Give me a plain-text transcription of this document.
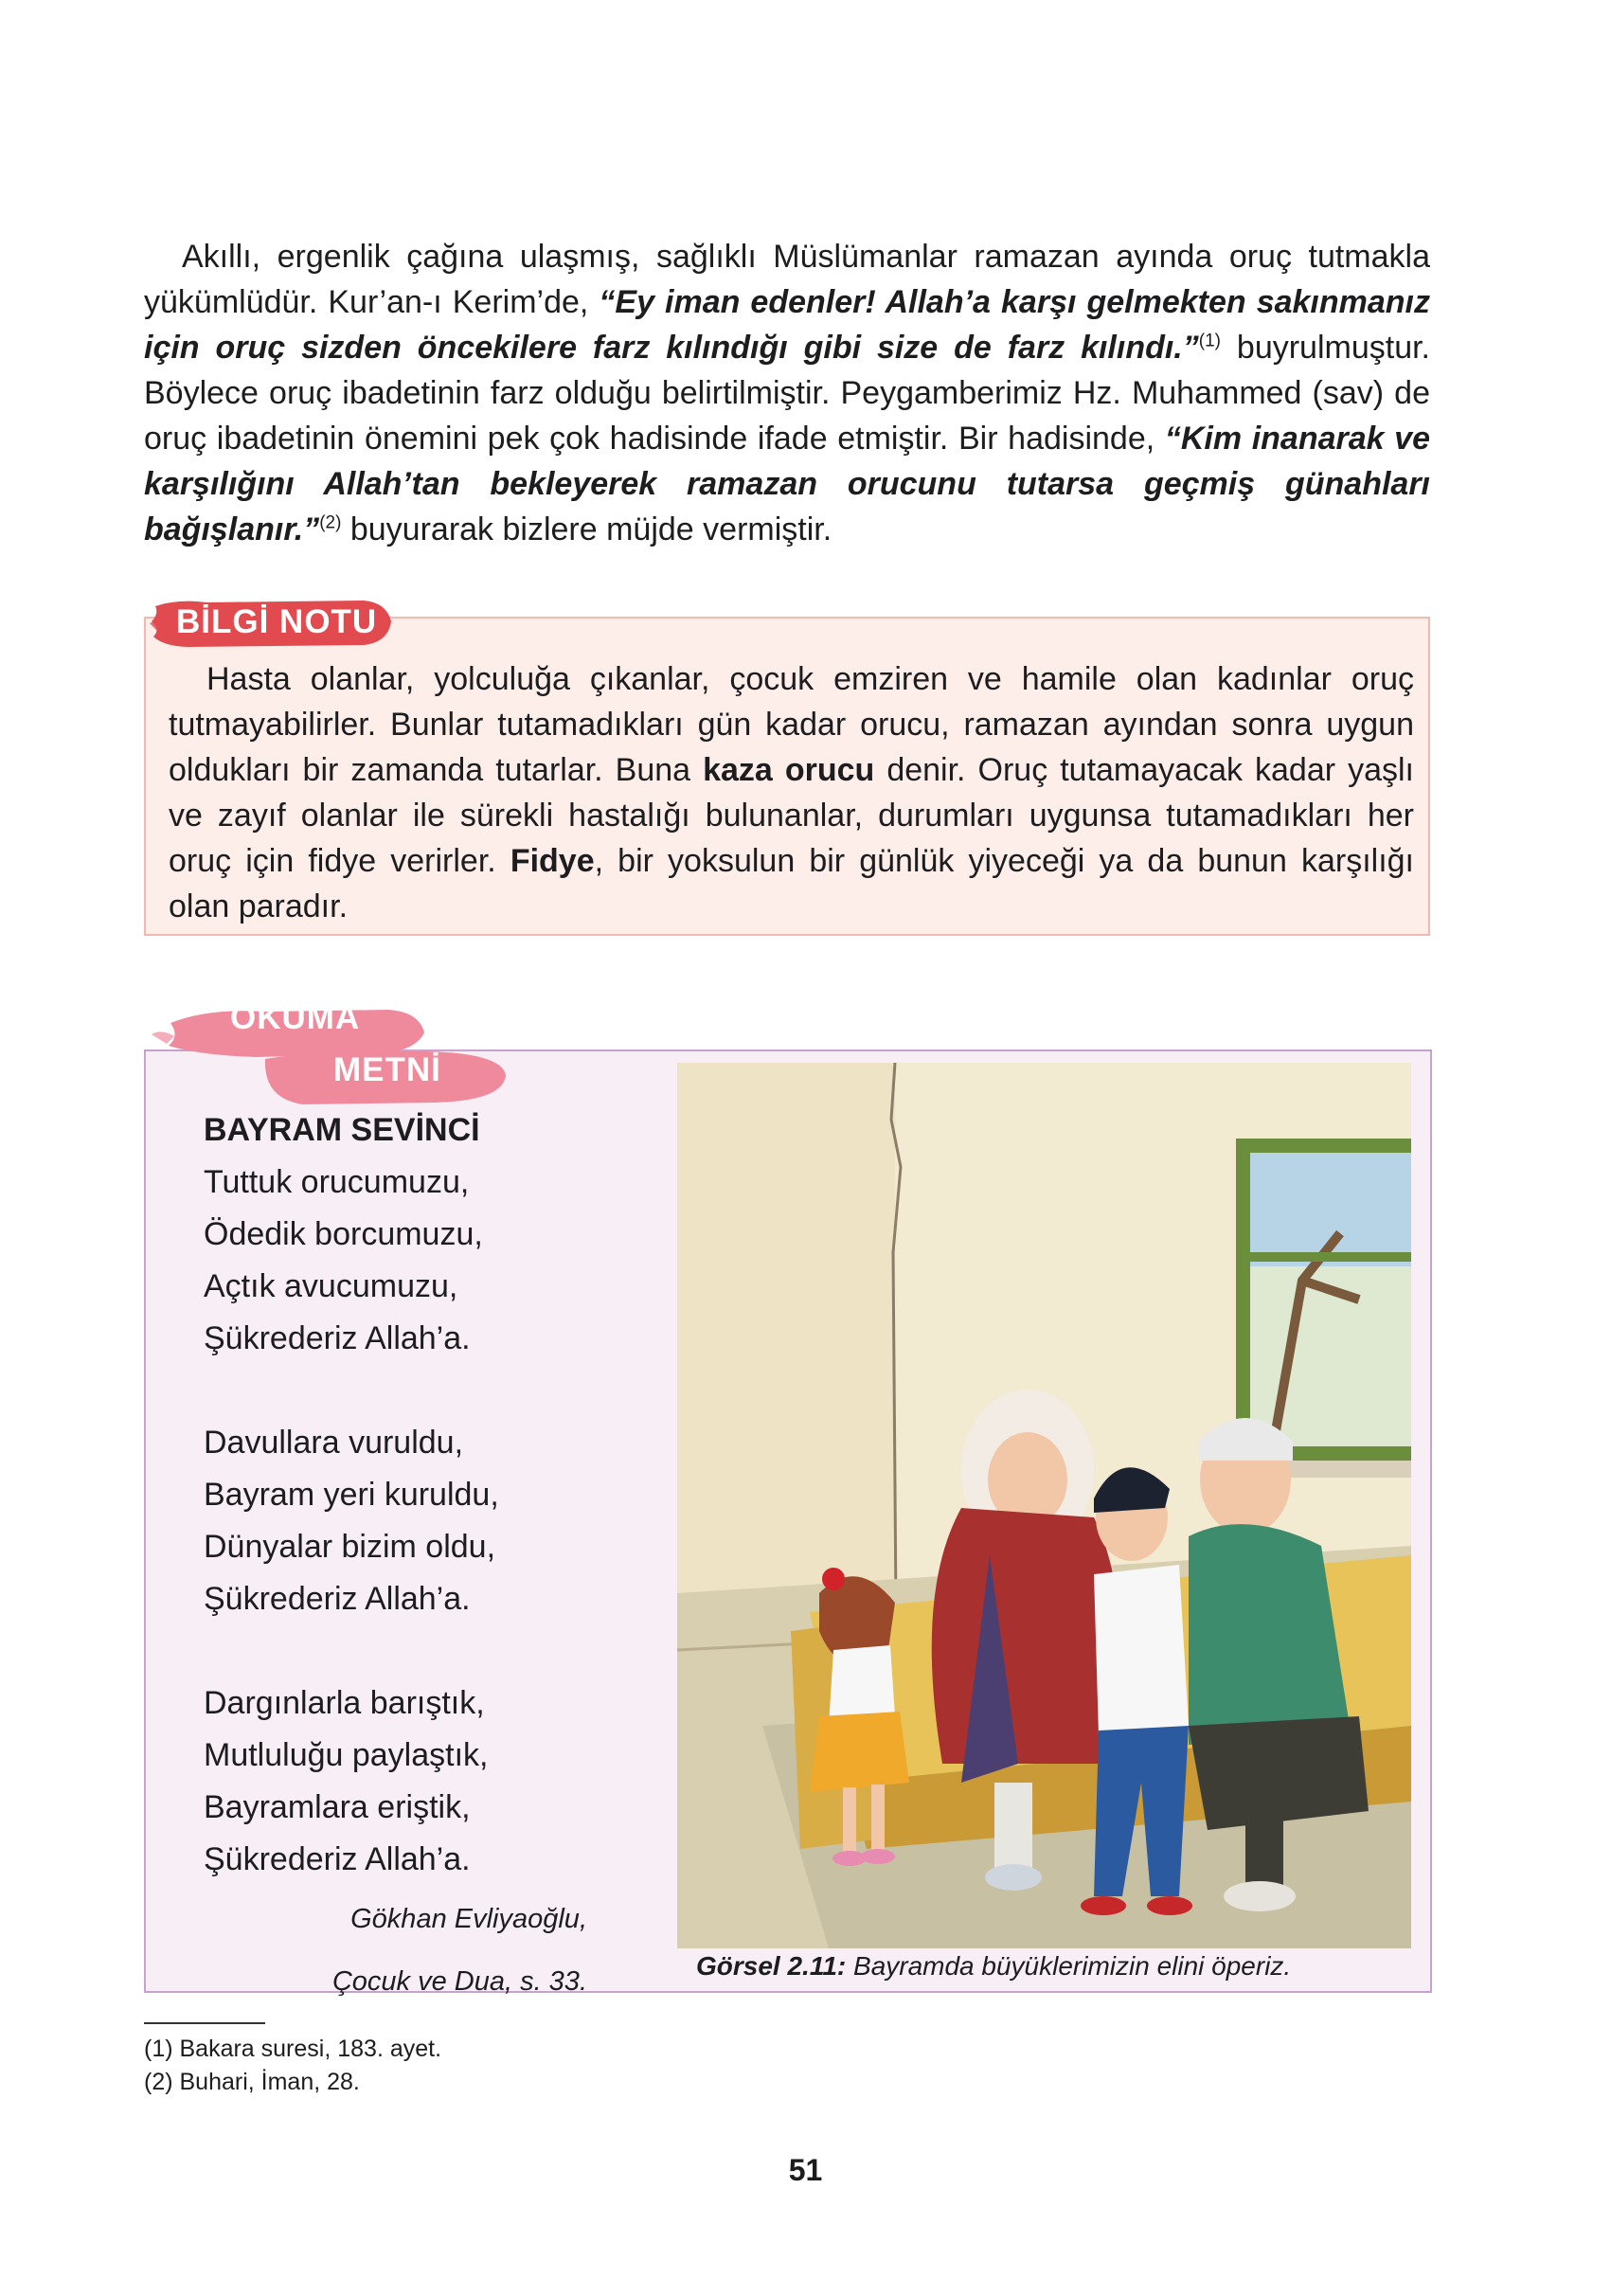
Akıllı, ergenlik çağına ulaşmış, sağlıklı Müslümanlar ramazan ayında oruç tutmakla yükümlüdür. Kur’an-ı Kerim’de, “Ey iman edenler! Allah’a karşı gelmekten sakınmanız için oruç sizden öncekilere farz kılındığı gibi size de farz kılındı.”$^{(1)}$ buyrulmuştur. Böylece oruç ibadetinin farz olduğu belirtilmiştir. Peygamberimiz Hz. Muhammed (sav) de oruç ibadetinin önemini pek çok hadisinde ifade etmiştir. Bir hadisinde, “Kim inanarak ve karşılığını Allah’tan bekleyerek ramazan orucunu tutarsa geçmiş günahları bağışlanır.”$^{(2)}$ buyurarak bizlere müjde vermiştir.

BİLGİ NOTU

Hasta olanlar, yolculuğa çıkanlar, çocuk emziren ve hamile olan kadınlar oruç tutmayabilirler. Bunlar tutamadıkları gün kadar orucu, ramazan ayından sonra uygun oldukları bir zamanda tutarlar. Buna kaza orucu denir. Oruç tutamayacak kadar yaşlı ve zayıf olanlar ile sürekli hastalığı bulunanlar, durumları uygunsa tutamadıkları her oruç için fidye verirler. Fidye, bir yoksulun bir günlük yiyeceği ya da bunun karşılığı olan paradır.

OKUMA
METNİ
BAYRAM SEVİNCİ
Tuttuk orucumuzu,
Ödedik borcumuzu,
Açtık avucumuzu,
Şükrederiz Allah’a.
Davullara vuruldu,
Bayram yeri kuruldu,
Dünyalar bizim oldu,
Şükrederiz Allah’a.
Dargınlarla barıştık,
Mutluluğu paylaştık,
Bayramlara eriştik,
Şükrederiz Allah’a.
Gökhan Evliyaoğlu,
Çocuk ve Dua, s. 33.
Görsel 2.11: Bayramda büyüklerimizin elini öperiz.
(1) Bakara suresi, 183. ayet.
(2) Buhari, İman, 28.
51
